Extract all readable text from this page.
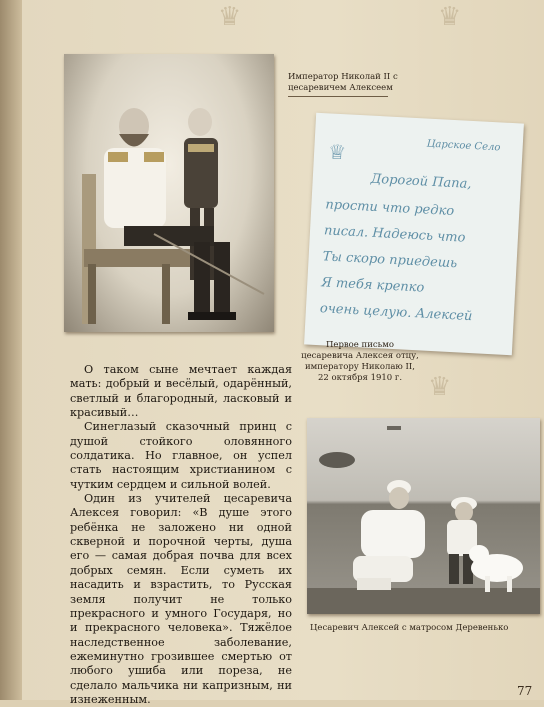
♛	♛
♛
Император Николай II с цесаревичем Алексеем
Царское Село
♕
Дорогой Папа,
прости что редко
писал. Надеюсь что
Ты скоро приедешь
Я тебя крепко
очень целую. Алексей
Первое письмо цесаревича Алексея отцу, императору Николаю II, 22 октября 1910 г.

О таком сыне мечтает каждая мать: добрый и весёлый, одарённый, светлый и благородный, ласковый и красивый…

Синеглазый сказочный принц с душой стойкого оловянного солдатика. Но главное, он успел стать настоящим христианином с чутким сердцем и сильной волей.

Один из учителей цесаревича Алексея говорил: «В душе этого ребёнка не заложено ни одной скверной и порочной черты, душа его — самая добрая почва для всех добрых семян. Если суметь их насадить и взрастить, то Русская земля получит не только прекрасного и умного Государя, но и прекрасного человека». Тяжёлое наследственное заболевание, ежеминутно грозившее смертью от любого ушиба или пореза, не сделало мальчика ни капризным, ни изнеженным.

Цесаревич Алексей с матросом Деревенько
77
